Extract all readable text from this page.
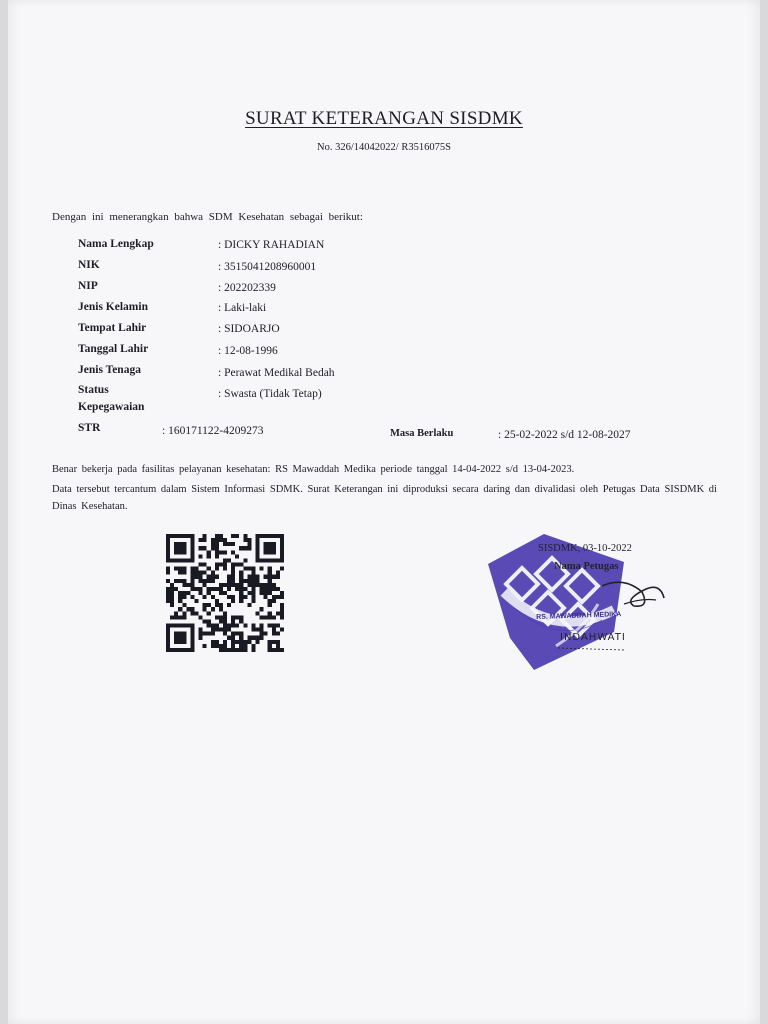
SURAT KETERANGAN SISDMK
No. 326/14042022/ R3516075S
Dengan ini menerangkan bahwa SDM Kesehatan sebagai berikut:
Nama Lengkap	: DICKY RAHADIAN
NIK	: 3515041208960001
NIP	: 202202339
Jenis Kelamin	: Laki-laki
Tempat Lahir	: SIDOARJO
Tanggal Lahir	: 12-08-1996
Jenis Tenaga	: Perawat Medikal Bedah
Status
Kepegawaian
: Swasta (Tidak Tetap)
STR	: 160171122-4209273	Masa Berlaku	: 25-02-2022 s/d 12-08-2027
Benar bekerja pada fasilitas pelayanan kesehatan: RS Mawaddah Medika periode tanggal 14-04-2022 s/d 13-04-2023.
Data tersebut tercantum dalam Sistem Informasi SDMK. Surat Keterangan ini diproduksi secara daring dan divalidasi oleh Petugas Data SISDMK di Dinas Kesehatan.
RS. MAWADDAH MEDIKA
SISDMK, 03-10-2022
Nama Petugas
INDAHWATI
